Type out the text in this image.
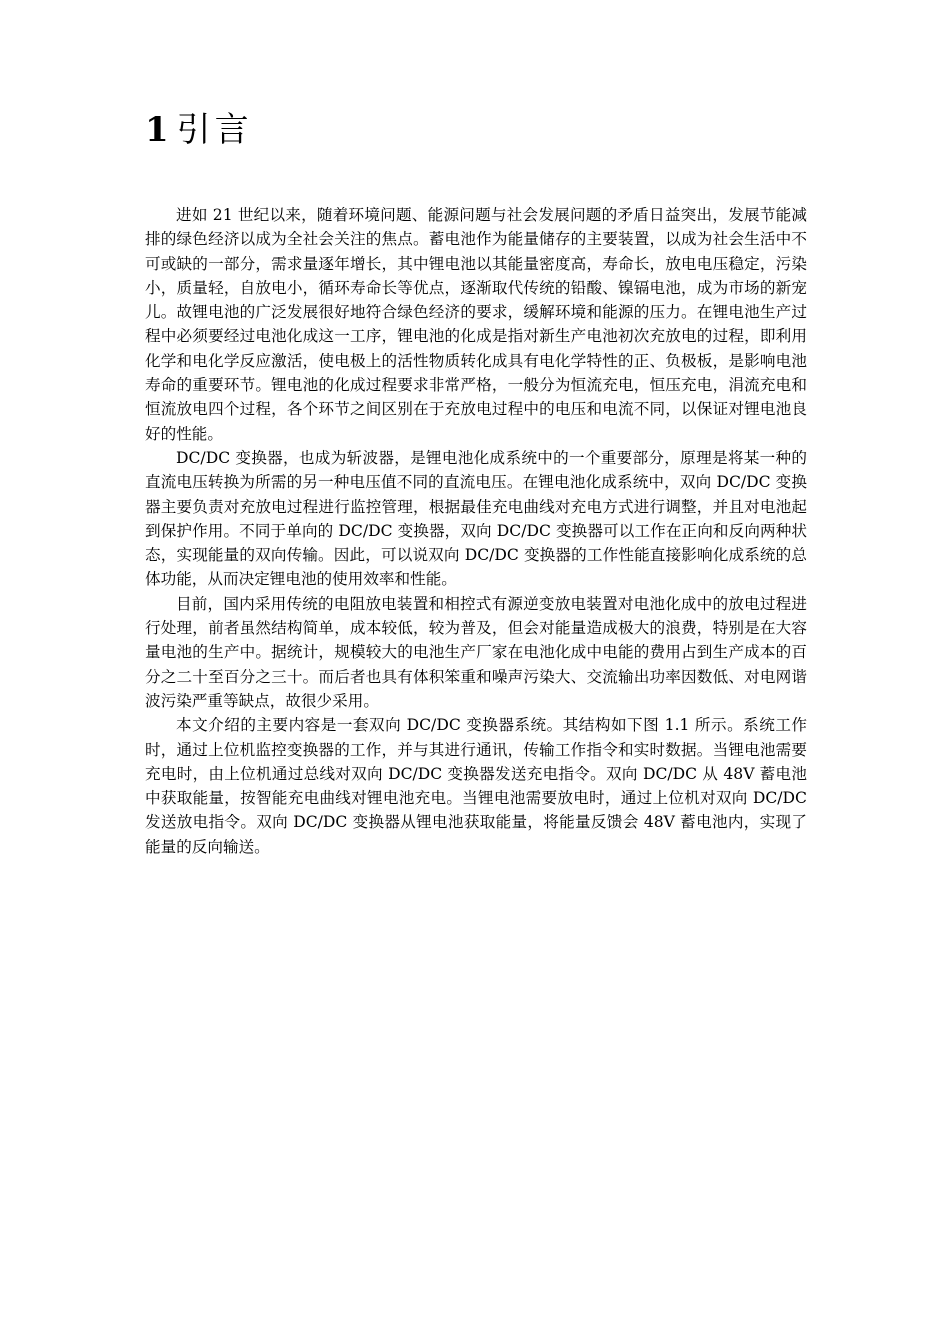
1 引言

进如 21 世纪以来，随着环境问题、能源问题与社会发展问题的矛盾日益突出，发展节能减排的绿色经济以成为全社会关注的焦点。蓄电池作为能量储存的主要装置，以成为社会生活中不可或缺的一部分，需求量逐年增长，其中锂电池以其能量密度高，寿命长，放电电压稳定，污染小，质量轻，自放电小，循环寿命长等优点，逐渐取代传统的铅酸、镍镉电池，成为市场的新宠儿。故锂电池的广泛发展很好地符合绿色经济的要求，缓解环境和能源的压力。在锂电池生产过程中必须要经过电池化成这一工序，锂电池的化成是指对新生产电池初次充放电的过程，即利用化学和电化学反应激活，使电极上的活性物质转化成具有电化学特性的正、负极板，是影响电池寿命的重要环节。锂电池的化成过程要求非常严格，一般分为恒流充电，恒压充电，涓流充电和恒流放电四个过程，各个环节之间区别在于充放电过程中的电压和电流不同，以保证对锂电池良好的性能。

DC/DC 变换器，也成为斩波器，是锂电池化成系统中的一个重要部分，原理是将某一种的直流电压转换为所需的另一种电压值不同的直流电压。在锂电池化成系统中，双向 DC/DC 变换器主要负责对充放电过程进行监控管理，根据最佳充电曲线对充电方式进行调整，并且对电池起到保护作用。不同于单向的 DC/DC 变换器，双向 DC/DC 变换器可以工作在正向和反向两种状态，实现能量的双向传输。因此，可以说双向 DC/DC 变换器的工作性能直接影响化成系统的总体功能，从而决定锂电池的使用效率和性能。

目前，国内采用传统的电阻放电装置和相控式有源逆变放电装置对电池化成中的放电过程进行处理，前者虽然结构简单，成本较低，较为普及，但会对能量造成极大的浪费，特别是在大容量电池的生产中。据统计，规模较大的电池生产厂家在电池化成中电能的费用占到生产成本的百分之二十至百分之三十。而后者也具有体积笨重和噪声污染大、交流输出功率因数低、对电网谐波污染严重等缺点，故很少采用。

本文介绍的主要内容是一套双向 DC/DC 变换器系统。其结构如下图 1.1 所示。系统工作时，通过上位机监控变换器的工作，并与其进行通讯，传输工作指令和实时数据。当锂电池需要充电时，由上位机通过总线对双向 DC/DC 变换器发送充电指令。双向 DC/DC 从 48V 蓄电池中获取能量，按智能充电曲线对锂电池充电。当锂电池需要放电时，通过上位机对双向 DC/DC 发送放电指令。双向 DC/DC 变换器从锂电池获取能量，将能量反馈会 48V 蓄电池内，实现了能量的反向输送。
